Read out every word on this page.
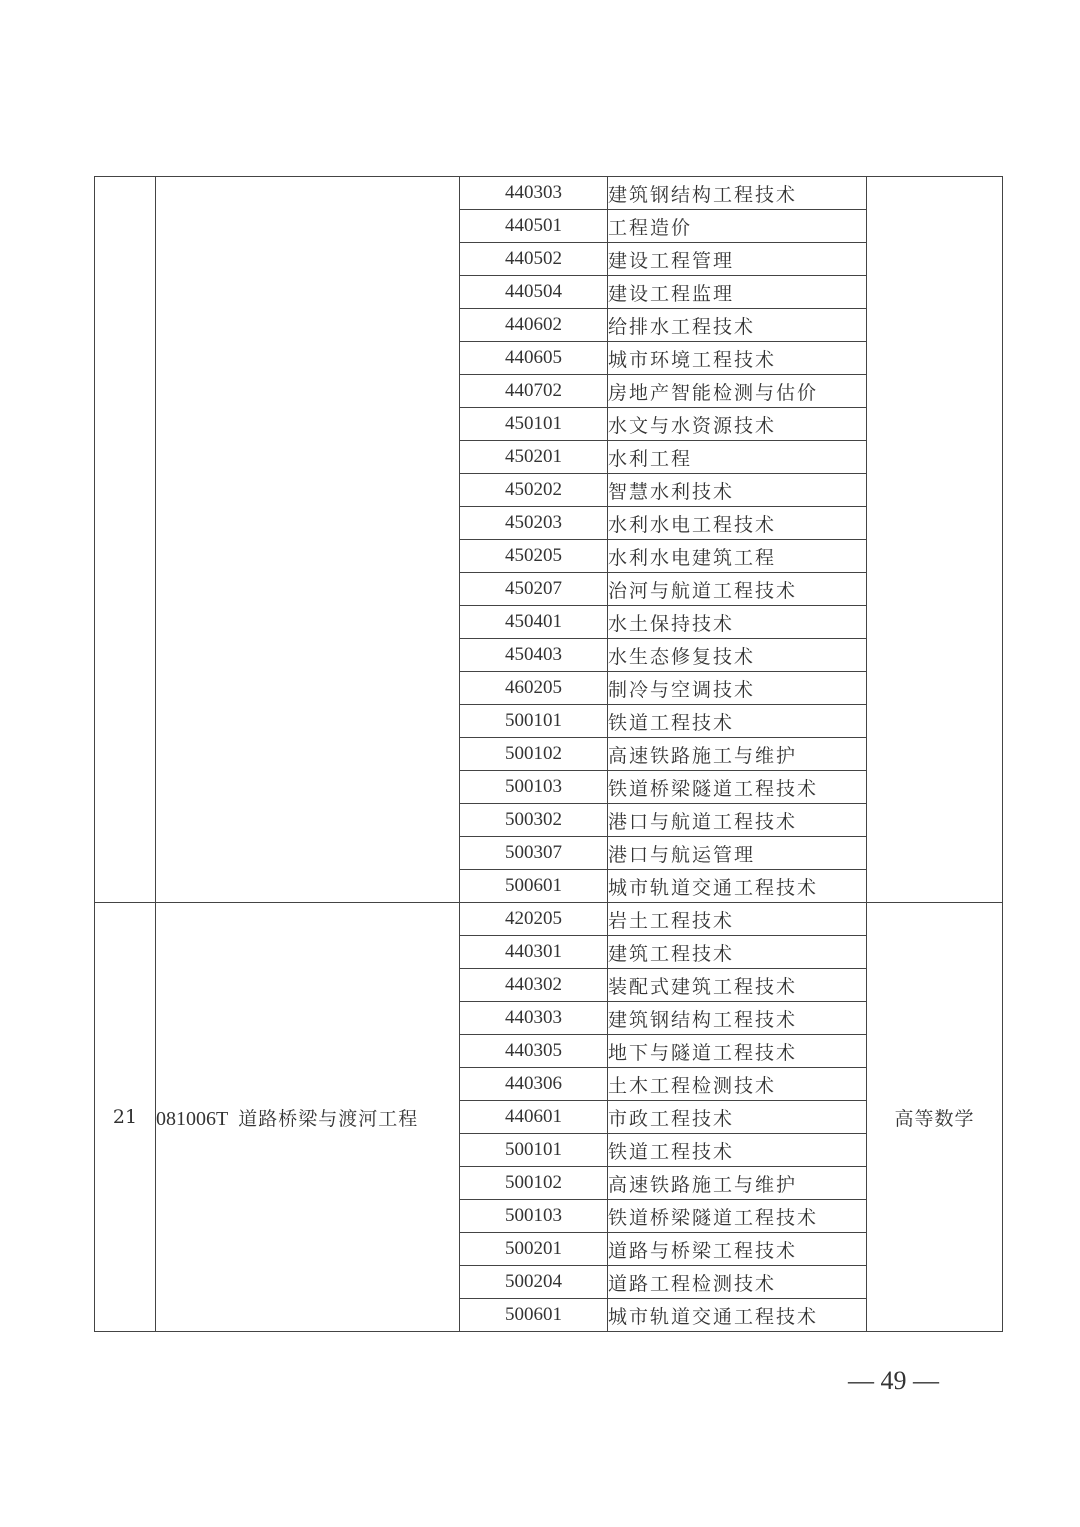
		440303	建筑钢结构工程技术	
		440501	工程造价	
		440502	建设工程管理	
		440504	建设工程监理	
		440602	给排水工程技术	
		440605	城市环境工程技术	
		440702	房地产智能检测与估价	
		450101	水文与水资源技术	
		450201	水利工程	
		450202	智慧水利技术	
		450203	水利水电工程技术	
		450205	水利水电建筑工程	
		450207	治河与航道工程技术	
		450401	水土保持技术	
		450403	水生态修复技术	
		460205	制冷与空调技术	
		500101	铁道工程技术	
		500102	高速铁路施工与维护	
		500103	铁道桥梁隧道工程技术	
		500302	港口与航道工程技术	
		500307	港口与航运管理	
		500601	城市轨道交通工程技术	
21	081006T 道路桥梁与渡河工程	420205	岩土工程技术	高等数学
		440301	建筑工程技术	
		440302	装配式建筑工程技术	
		440303	建筑钢结构工程技术	
		440305	地下与隧道工程技术	
		440306	土木工程检测技术	
		440601	市政工程技术	
		500101	铁道工程技术	
		500102	高速铁路施工与维护	
		500103	铁道桥梁隧道工程技术	
		500201	道路与桥梁工程技术	
		500204	道路工程检测技术	
		500601	城市轨道交通工程技术	
— 49 —
